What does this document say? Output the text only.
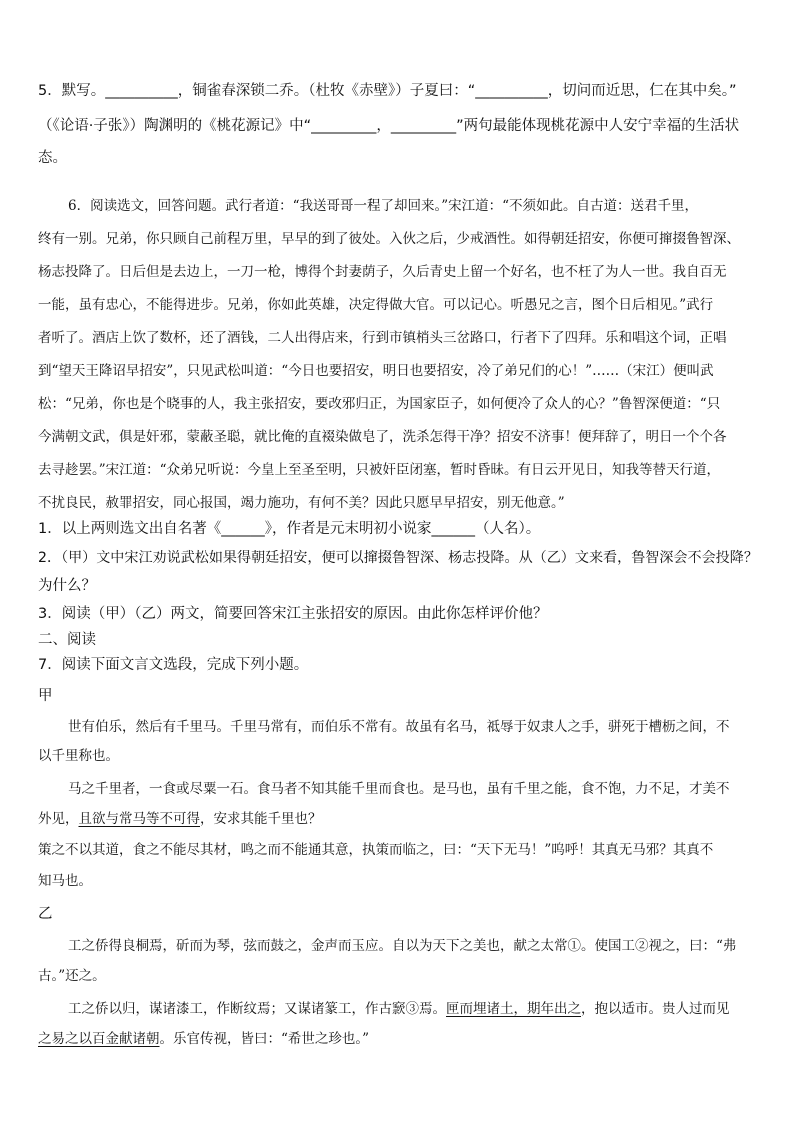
5．默写。__________，铜雀春深锁二乔。（杜牧《赤壁》）子夏曰：“__________，切问而近思，仁在其中矣。”
（《论语·子张》）陶渊明的《桃花源记》中“_________，_________”两句最能体现桃花源中人安宁幸福的生活状
态。
6．阅读选文，回答问题。武行者道：“我送哥哥一程了却回来。”宋江道：“不须如此。自古道：送君千里，
终有一别。兄弟，你只顾自己前程万里，早早的到了彼处。入伙之后，少戒酒性。如得朝廷招安，你便可撺掇鲁智深、
杨志投降了。日后但是去边上，一刀一枪，博得个封妻荫子，久后青史上留一个好名，也不枉了为人一世。我自百无
一能，虽有忠心，不能得进步。兄弟，你如此英雄，决定得做大官。可以记心。听愚兄之言，图个日后相见。”武行
者听了。酒店上饮了数杯，还了酒钱，二人出得店来，行到市镇梢头三岔路口，行者下了四拜。乐和唱这个词，正唱
到“望天王降诏早招安”，只见武松叫道：“今日也要招安，明日也要招安，冷了弟兄们的心！”……（宋江）便叫武
松：“兄弟，你也是个晓事的人，我主张招安，要改邪归正，为国家臣子，如何便冷了众人的心？”鲁智深便道：“只
今满朝文武，俱是奸邪，蒙蔽圣聪，就比俺的直裰染做皂了，洗杀怎得干净？招安不济事！便拜辞了，明日一个个各
去寻趁罢。”宋江道：“众弟兄听说：今皇上至圣至明，只被奸臣闭塞，暂时昏昧。有日云开见日，知我等替天行道，
不扰良民，赦罪招安，同心报国，竭力施功，有何不美？因此只愿早早招安，别无他意。”
1．以上两则选文出自名著《______》，作者是元末明初小说家______（人名）。
2．（甲）文中宋江劝说武松如果得朝廷招安，便可以撺掇鲁智深、杨志投降。从（乙）文来看，鲁智深会不会投降？
为什么？
3．阅读（甲）（乙）两文，简要回答宋江主张招安的原因。由此你怎样评价他？
二、阅读
7．阅读下面文言文选段，完成下列小题。
甲
世有伯乐，然后有千里马。千里马常有，而伯乐不常有。故虽有名马，祗辱于奴隶人之手，骈死于槽枥之间，不
以千里称也。
马之千里者，一食或尽粟一石。食马者不知其能千里而食也。是马也，虽有千里之能，食不饱，力不足，才美不
外见，且欲与常马等不可得，安求其能千里也？
策之不以其道，食之不能尽其材，鸣之而不能通其意，执策而临之，曰：“天下无马！”呜呼！其真无马邪？其真不
知马也。
乙
工之侨得良桐焉，斫而为琴，弦而鼓之，金声而玉应。自以为天下之美也，献之太常①。使国工②视之，曰：“弗
古。”还之。
工之侨以归，谋诸漆工，作断纹焉；又谋诸篆工，作古窾③焉。匣而埋诸土，期年出之，抱以适市。贵人过而见
之易之以百金献诸朝。乐官传视，皆曰：“希世之珍也。”
